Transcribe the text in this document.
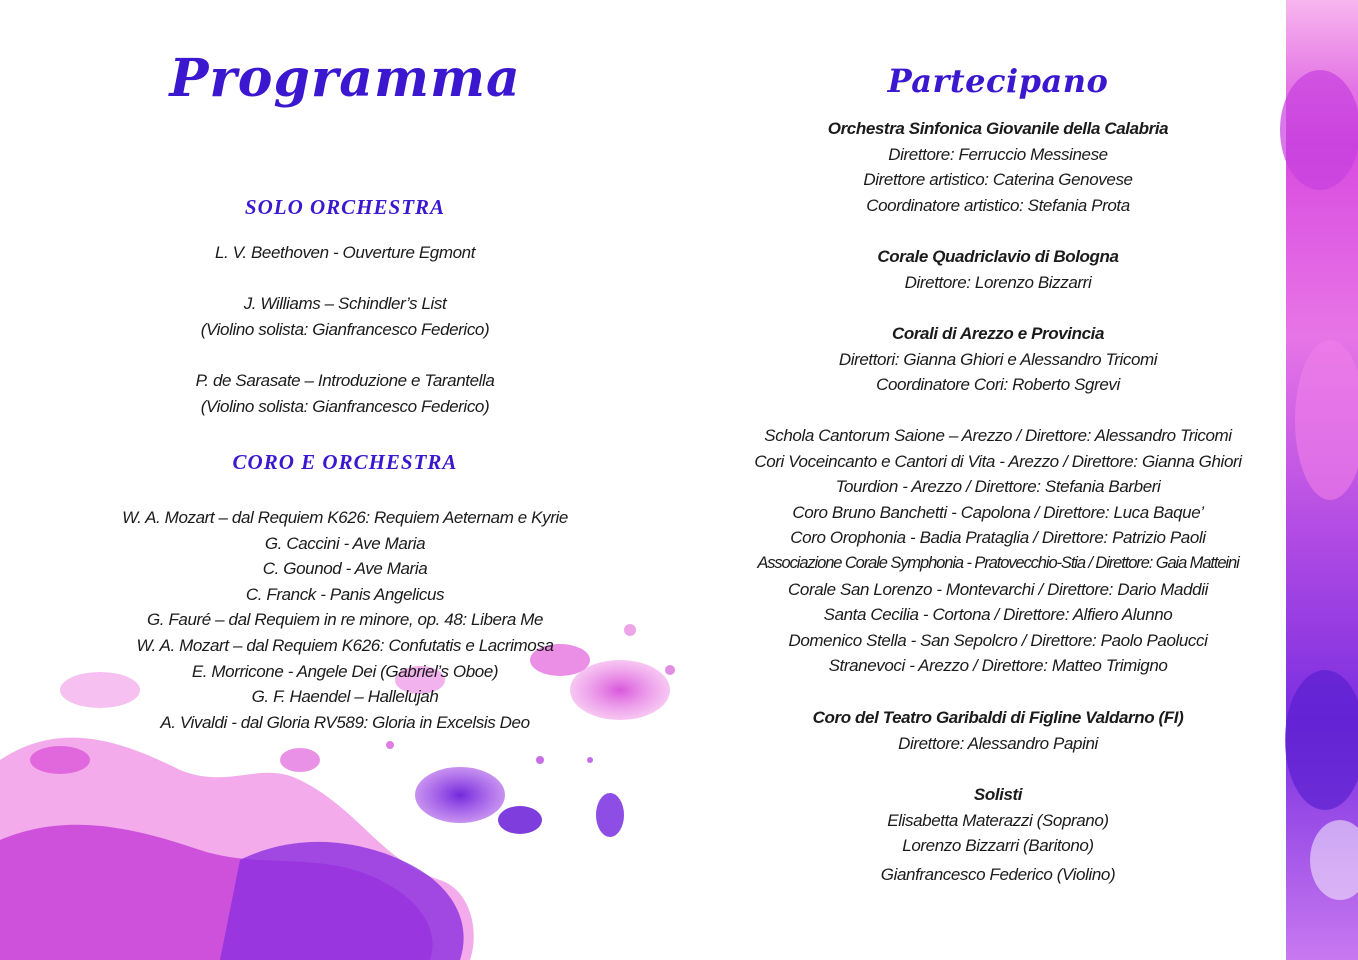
Programma
SOLO ORCHESTRA
L. V. Beethoven - Ouverture Egmont
J. Williams – Schindler’s List
(Violino solista: Gianfrancesco Federico)
P. de Sarasate – Introduzione e Tarantella
(Violino solista: Gianfrancesco Federico)
CORO E ORCHESTRA
W. A. Mozart – dal Requiem K626: Requiem Aeternam e Kyrie
G. Caccini - Ave Maria
C. Gounod - Ave Maria
C. Franck - Panis Angelicus
G. Fauré – dal Requiem in re minore, op. 48: Libera Me
W. A. Mozart – dal Requiem K626: Confutatis e Lacrimosa
E. Morricone - Angele Dei (Gabriel’s Oboe)
G. F. Haendel – Hallelujah
A. Vivaldi - dal Gloria RV589: Gloria in Excelsis Deo
Partecipano
Orchestra Sinfonica Giovanile della Calabria
Direttore: Ferruccio Messinese
Direttore artistico: Caterina Genovese
Coordinatore artistico: Stefania Prota
Corale Quadriclavio di Bologna
Direttore: Lorenzo Bizzarri
Corali di Arezzo e Provincia
Direttori: Gianna Ghiori e Alessandro Tricomi
Coordinatore Cori: Roberto Sgrevi
Schola Cantorum Saione – Arezzo / Direttore: Alessandro Tricomi
Cori Voceincanto e Cantori di Vita - Arezzo / Direttore: Gianna Ghiori
Tourdion - Arezzo / Direttore: Stefania Barberi
Coro Bruno Banchetti - Capolona / Direttore: Luca Baque’
Coro Orophonia - Badia Prataglia / Direttore: Patrizio Paoli
Associazione Corale Symphonia - Pratovecchio-Stia / Direttore: Gaia Matteini
Corale San Lorenzo - Montevarchi / Direttore: Dario Maddii
Santa Cecilia - Cortona / Direttore: Alfiero Alunno
Domenico Stella - San Sepolcro / Direttore: Paolo Paolucci
Stranevoci - Arezzo / Direttore: Matteo Trimigno
Coro del Teatro Garibaldi di Figline Valdarno (FI)
Direttore: Alessandro Papini
Solisti
Elisabetta Materazzi (Soprano)
Lorenzo Bizzarri (Baritono)
Gianfrancesco Federico (Violino)
